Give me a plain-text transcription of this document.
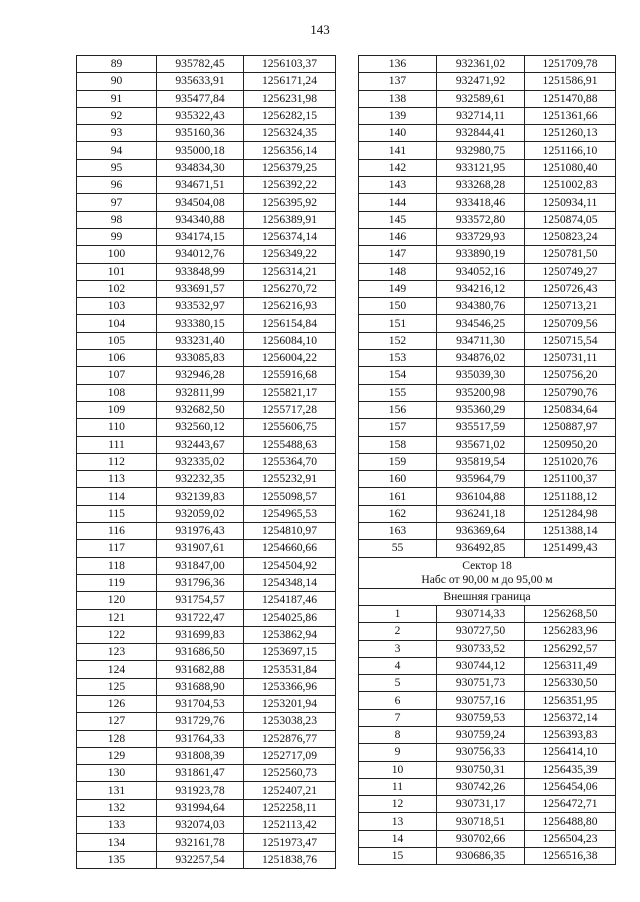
143
89	935782,45	1256103,37
90	935633,91	1256171,24
91	935477,84	1256231,98
92	935322,43	1256282,15
93	935160,36	1256324,35
94	935000,18	1256356,14
95	934834,30	1256379,25
96	934671,51	1256392,22
97	934504,08	1256395,92
98	934340,88	1256389,91
99	934174,15	1256374,14
100	934012,76	1256349,22
101	933848,99	1256314,21
102	933691,57	1256270,72
103	933532,97	1256216,93
104	933380,15	1256154,84
105	933231,40	1256084,10
106	933085,83	1256004,22
107	932946,28	1255916,68
108	932811,99	1255821,17
109	932682,50	1255717,28
110	932560,12	1255606,75
111	932443,67	1255488,63
112	932335,02	1255364,70
113	932232,35	1255232,91
114	932139,83	1255098,57
115	932059,02	1254965,53
116	931976,43	1254810,97
117	931907,61	1254660,66
118	931847,00	1254504,92
119	931796,36	1254348,14
120	931754,57	1254187,46
121	931722,47	1254025,86
122	931699,83	1253862,94
123	931686,50	1253697,15
124	931682,88	1253531,84
125	931688,90	1253366,96
126	931704,53	1253201,94
127	931729,76	1253038,23
128	931764,33	1252876,77
129	931808,39	1252717,09
130	931861,47	1252560,73
131	931923,78	1252407,21
132	931994,64	1252258,11
133	932074,03	1252113,42
134	932161,78	1251973,47
135	932257,54	1251838,76
136	932361,02	1251709,78
137	932471,92	1251586,91
138	932589,61	1251470,88
139	932714,11	1251361,66
140	932844,41	1251260,13
141	932980,75	1251166,10
142	933121,95	1251080,40
143	933268,28	1251002,83
144	933418,46	1250934,11
145	933572,80	1250874,05
146	933729,93	1250823,24
147	933890,19	1250781,50
148	934052,16	1250749,27
149	934216,12	1250726,43
150	934380,76	1250713,21
151	934546,25	1250709,56
152	934711,30	1250715,54
153	934876,02	1250731,11
154	935039,30	1250756,20
155	935200,98	1250790,76
156	935360,29	1250834,64
157	935517,59	1250887,97
158	935671,02	1250950,20
159	935819,54	1251020,76
160	935964,79	1251100,37
161	936104,88	1251188,12
162	936241,18	1251284,98
163	936369,64	1251388,14
55	936492,85	1251499,43

Сектор 18
Набс от 90,00 м до 95,00 м		

Внешняя граница		
1	930714,33	1256268,50
2	930727,50	1256283,96
3	930733,52	1256292,57
4	930744,12	1256311,49
5	930751,73	1256330,50
6	930757,16	1256351,95
7	930759,53	1256372,14
8	930759,24	1256393,83
9	930756,33	1256414,10
10	930750,31	1256435,39
11	930742,26	1256454,06
12	930731,17	1256472,71
13	930718,51	1256488,80
14	930702,66	1256504,23
15	930686,35	1256516,38
